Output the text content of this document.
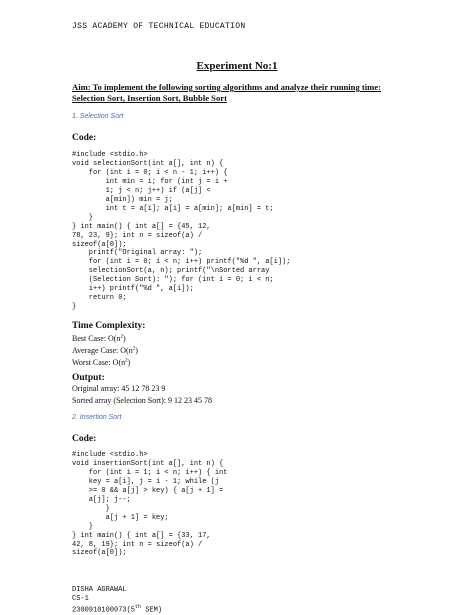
JSS ACADEMY OF TECHNICAL EDUCATION
Experiment No:1
Aim: To implement the following sorting algorithms and analyze their running time:
Selection Sort, Insertion Sort, Bubble Sort
1. Selection Sort
Code:
#include <stdio.h>
void selectionSort(int a[], int n) {
for (int i = 0; i < n - 1; i++) {
int min = i; for (int j = i +
1; j < n; j++) if (a[j] <
a[min]) min = j;
int t = a[i]; a[i] = a[min]; a[min] = t;
}
} int main() { int a[] = {45, 12,
78, 23, 9}; int n = sizeof(a) /
sizeof(a[0]);
printf("Original array: ");
for (int i = 0; i < n; i++) printf("%d ", a[i]);
selectionSort(a, n); printf("\nSorted array
(Selection Sort): "); for (int i = 0; i < n;
i++) printf("%d ", a[i]);
return 0;
}
Time Complexity:
Best Case: $O(n^2)$
Average Case: $O(n^2)$
Worst Case: $O(n^2)$
Output:
Original array: 45 12 78 23 9
Sorted array (Selection Sort): 9 12 23 45 78
2. Insertion Sort
Code:
#include <stdio.h>
void insertionSort(int a[], int n) {
for (int i = 1; i < n; i++) { int
key = a[i], j = i - 1; while (j
>= 0 && a[j] > key) { a[j + 1] =
a[j]; j--;
}
a[j + 1] = key;
}
} int main() { int a[] = {33, 17,
42, 8, 19}; int n = sizeof(a) /
sizeof(a[0]);
DISHA AGRAWAL
CS-1
2300910100073(5th SEM)
